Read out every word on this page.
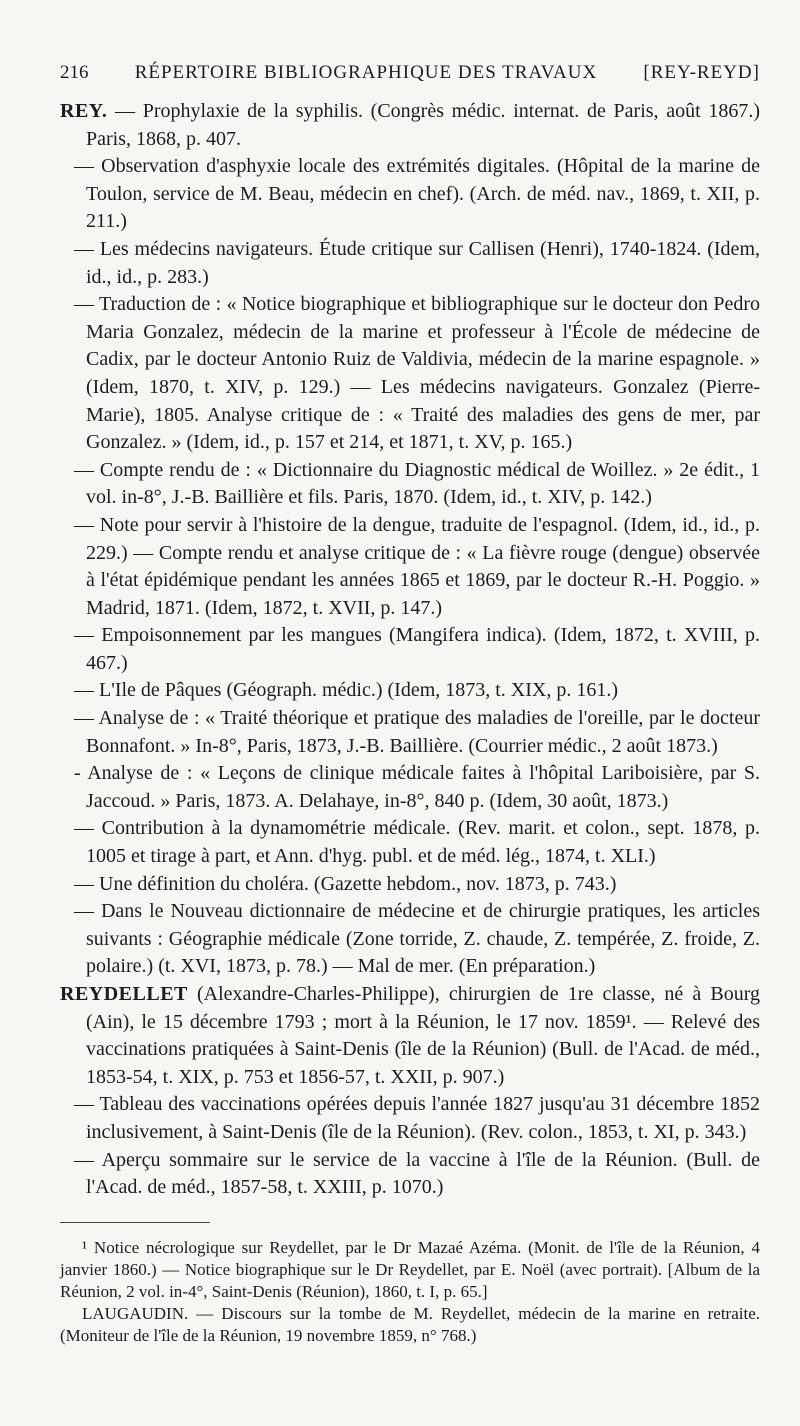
216 RÉPERTOIRE BIBLIOGRAPHIQUE DES TRAVAUX [REY-REYD]

REY. — Prophylaxie de la syphilis. (Congrès médic. internat. de Paris, août 1867.) Paris, 1868, p. 407.

— Observation d'asphyxie locale des extrémités digitales. (Hôpital de la marine de Toulon, service de M. Beau, médecin en chef). (Arch. de méd. nav., 1869, t. XII, p. 211.)

— Les médecins navigateurs. Étude critique sur Callisen (Henri), 1740-1824. (Idem, id., id., p. 283.)

— Traduction de : « Notice biographique et bibliographique sur le docteur don Pedro Maria Gonzalez, médecin de la marine et professeur à l'École de médecine de Cadix, par le docteur Antonio Ruiz de Valdivia, médecin de la marine espagnole. » (Idem, 1870, t. XIV, p. 129.) — Les médecins navigateurs. Gonzalez (Pierre-Marie), 1805. Analyse critique de : « Traité des maladies des gens de mer, par Gonzalez. » (Idem, id., p. 157 et 214, et 1871, t. XV, p. 165.)

— Compte rendu de : « Dictionnaire du Diagnostic médical de Woillez. » 2e édit., 1 vol. in-8°, J.-B. Baillière et fils. Paris, 1870. (Idem, id., t. XIV, p. 142.)

— Note pour servir à l'histoire de la dengue, traduite de l'espagnol. (Idem, id., id., p. 229.) — Compte rendu et analyse critique de : « La fièvre rouge (dengue) observée à l'état épidémique pendant les années 1865 et 1869, par le docteur R.-H. Poggio. » Madrid, 1871. (Idem, 1872, t. XVII, p. 147.)

— Empoisonnement par les mangues (Mangifera indica). (Idem, 1872, t. XVIII, p. 467.)

— L'Ile de Pâques (Géograph. médic.) (Idem, 1873, t. XIX, p. 161.)

— Analyse de : « Traité théorique et pratique des maladies de l'oreille, par le docteur Bonnafont. » In-8°, Paris, 1873, J.-B. Baillière. (Courrier médic., 2 août 1873.)

- Analyse de : « Leçons de clinique médicale faites à l'hôpital Lariboisière, par S. Jaccoud. » Paris, 1873. A. Delahaye, in-8°, 840 p. (Idem, 30 août, 1873.)

— Contribution à la dynamométrie médicale. (Rev. marit. et colon., sept. 1878, p. 1005 et tirage à part, et Ann. d'hyg. publ. et de méd. lég., 1874, t. XLI.)

— Une définition du choléra. (Gazette hebdom., nov. 1873, p. 743.)

— Dans le Nouveau dictionnaire de médecine et de chirurgie pratiques, les articles suivants : Géographie médicale (Zone torride, Z. chaude, Z. tempérée, Z. froide, Z. polaire.) (t. XVI, 1873, p. 78.) — Mal de mer. (En préparation.)

REYDELLET (Alexandre-Charles-Philippe), chirurgien de 1re classe, né à Bourg (Ain), le 15 décembre 1793 ; mort à la Réunion, le 17 nov. 1859¹. — Relevé des vaccinations pratiquées à Saint-Denis (île de la Réunion) (Bull. de l'Acad. de méd., 1853-54, t. XIX, p. 753 et 1856-57, t. XXII, p. 907.)

— Tableau des vaccinations opérées depuis l'année 1827 jusqu'au 31 décembre 1852 inclusivement, à Saint-Denis (île de la Réunion). (Rev. colon., 1853, t. XI, p. 343.)

— Aperçu sommaire sur le service de la vaccine à l'île de la Réunion. (Bull. de l'Acad. de méd., 1857-58, t. XXIII, p. 1070.)

¹ Notice nécrologique sur Reydellet, par le Dr Mazaé Azéma. (Monit. de l'île de la Réunion, 4 janvier 1860.) — Notice biographique sur le Dr Reydellet, par E. Noël (avec portrait). [Album de la Réunion, 2 vol. in-4°, Saint-Denis (Réunion), 1860, t. I, p. 65.]

LAUGAUDIN. — Discours sur la tombe de M. Reydellet, médecin de la marine en retraite. (Moniteur de l'île de la Réunion, 19 novembre 1859, n° 768.)
